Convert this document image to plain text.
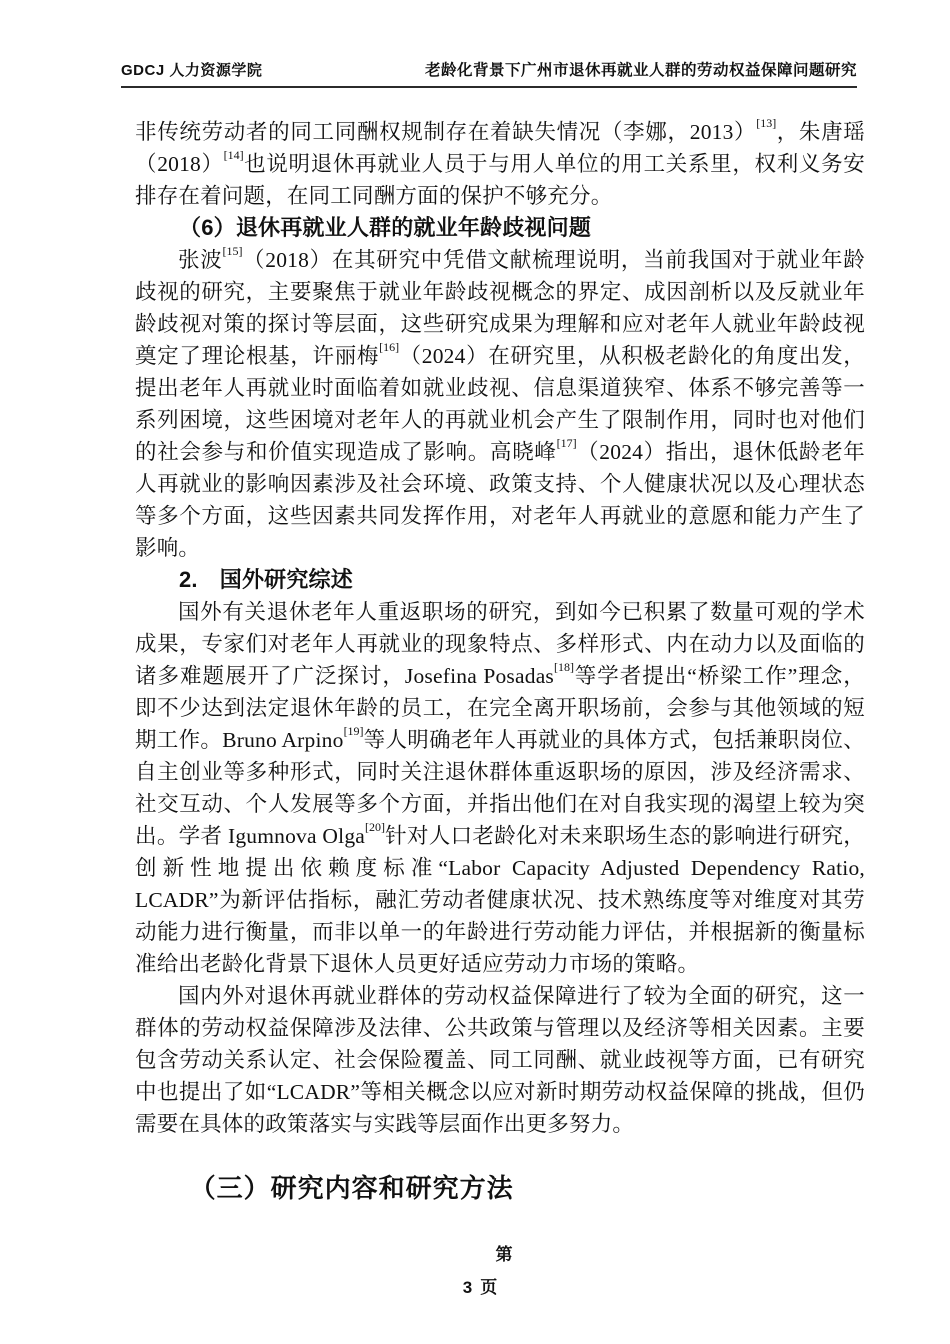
GDCJ 人力资源学院	老龄化背景下广州市退休再就业人群的劳动权益保障问题研究

非传统劳动者的同工同酬权规制存在着缺失情况（李娜，2013）[13]，朱唐瑶（2018）[14]也说明退休再就业人员于与用人单位的用工关系里，权利义务安排存在着问题，在同工同酬方面的保护不够充分。

（6）退休再就业人群的就业年龄歧视问题

张波[15]（2018）在其研究中凭借文献梳理说明，当前我国对于就业年龄歧视的研究，主要聚焦于就业年龄歧视概念的界定、成因剖析以及反就业年龄歧视对策的探讨等层面，这些研究成果为理解和应对老年人就业年龄歧视奠定了理论根基，许丽梅[16]（2024）在研究里，从积极老龄化的角度出发，提出老年人再就业时面临着如就业歧视、信息渠道狭窄、体系不够完善等一系列困境，这些困境对老年人的再就业机会产生了限制作用，同时也对他们的社会参与和价值实现造成了影响。高晓峰[17]（2024）指出，退休低龄老年人再就业的影响因素涉及社会环境、政策支持、个人健康状况以及心理状态等多个方面，这些因素共同发挥作用，对老年人再就业的意愿和能力产生了影响。

2. 国外研究综述

国外有关退休老年人重返职场的研究，到如今已积累了数量可观的学术成果，专家们对老年人再就业的现象特点、多样形式、内在动力以及面临的诸多难题展开了广泛探讨，Josefina Posadas[18]等学者提出“桥梁工作”理念，即不少达到法定退休年龄的员工，在完全离开职场前，会参与其他领域的短期工作。Bruno Arpino[19]等人明确老年人再就业的具体方式，包括兼职岗位、自主创业等多种形式，同时关注退休群体重返职场的原因，涉及经济需求、社交互动、个人发展等多个方面，并指出他们在对自我实现的渴望上较为突出。学者 Igumnova Olga[20]针对人口老龄化对未来职场生态的影响进行研究，创新性地提出依赖度标准“Labor Capacity Adjusted Dependency Ratio, LCADR”为新评估指标，融汇劳动者健康状况、技术熟练度等对维度对其劳动能力进行衡量，而非以单一的年龄进行劳动能力评估，并根据新的衡量标准给出老龄化背景下退休人员更好适应劳动力市场的策略。

国内外对退休再就业群体的劳动权益保障进行了较为全面的研究，这一群体的劳动权益保障涉及法律、公共政策与管理以及经济等相关因素。主要包含劳动关系认定、社会保险覆盖、同工同酬、就业歧视等方面，已有研究中也提出了如“LCADR”等相关概念以应对新时期劳动权益保障的挑战，但仍需要在具体的政策落实与实践等层面作出更多努力。

（三）研究内容和研究方法
第
3 页
